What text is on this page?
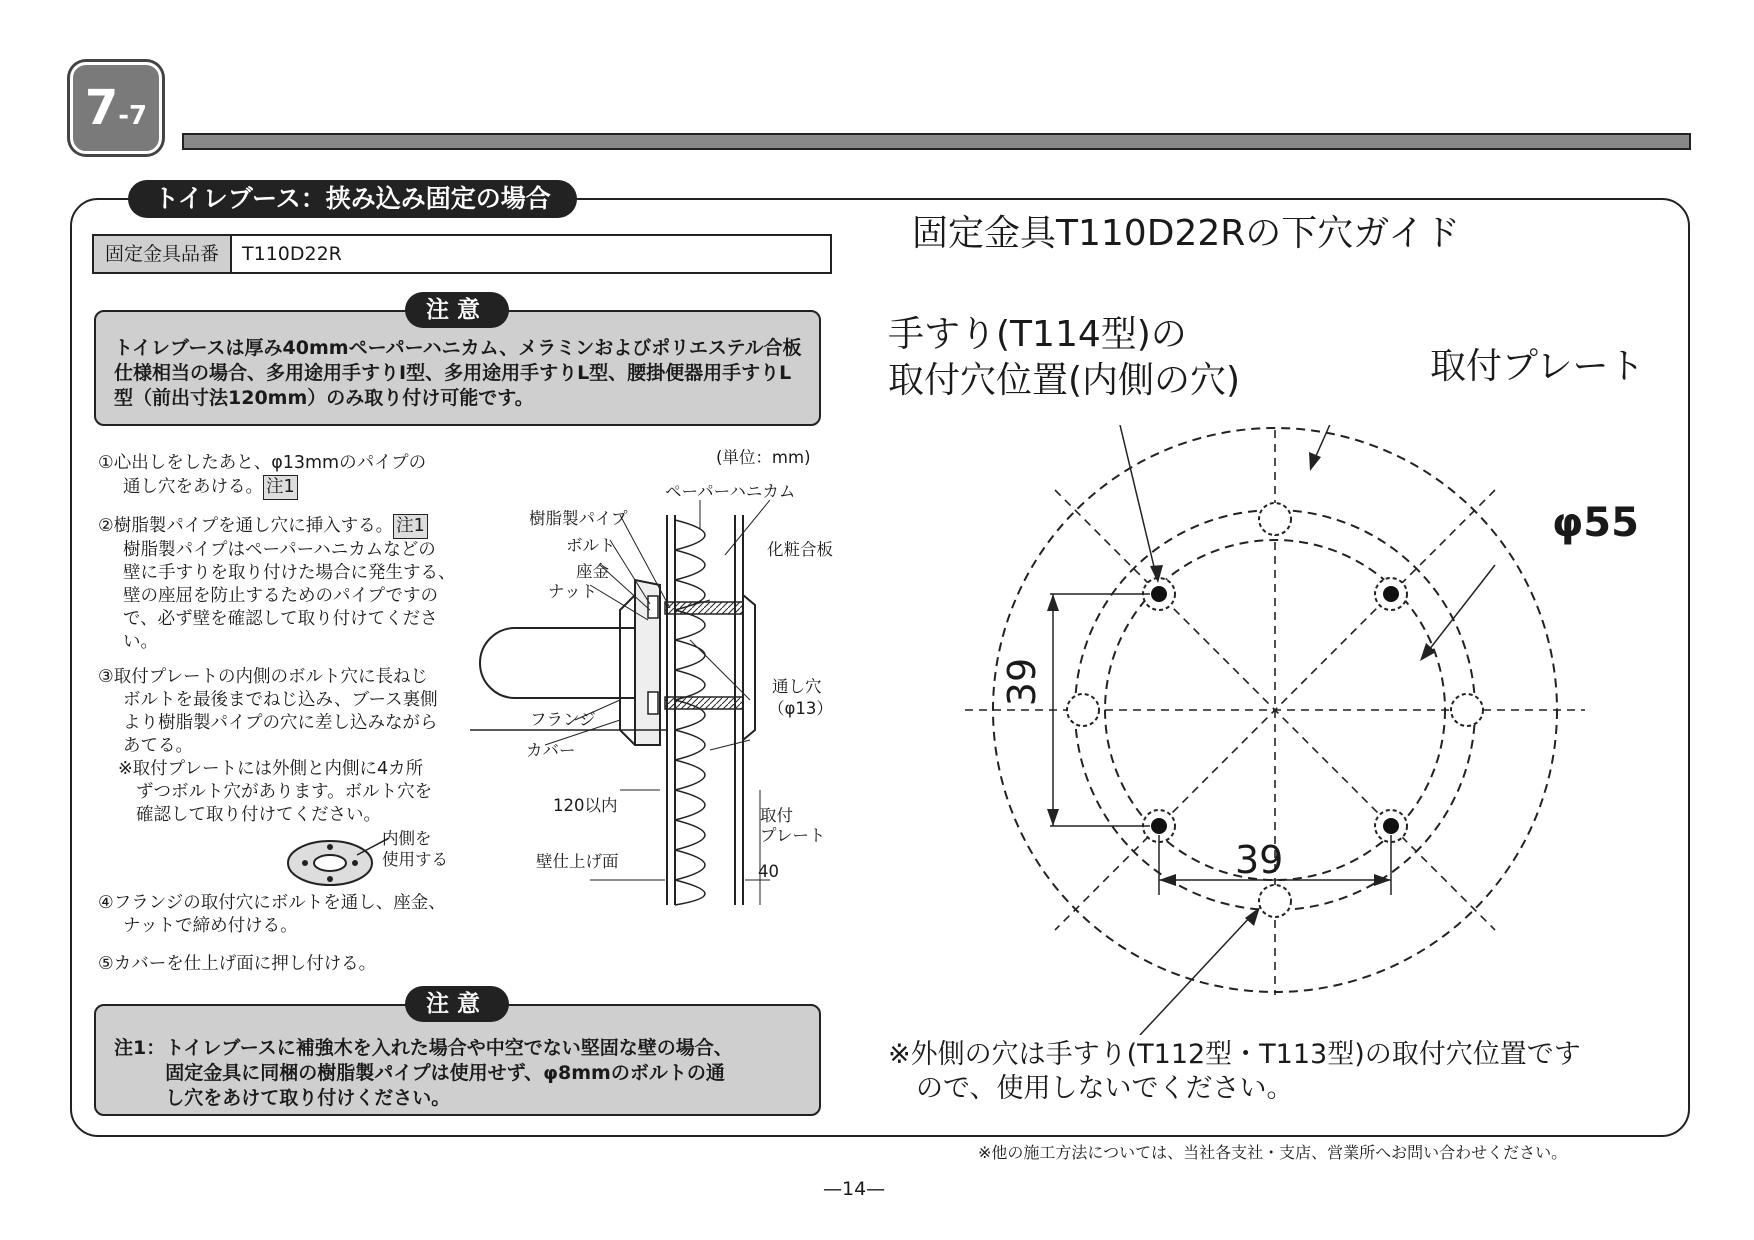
7-7
トイレブース：挟み込み固定の場合
固定金具品番	T110D22R
トイレブースは厚み40mmペーパーハニカム、メラミンおよびポリエステル合板仕様相当の場合、多用途用手すりI型、多用途用手すりL型、腰掛便器用手すりL型（前出寸法120mm）のみ取り付け可能です。
注意
①心出しをしたあと、φ13mmのパイプの
通し穴をあける。 注1
②樹脂製パイプを通し穴に挿入する。 注1
樹脂製パイプはペーパーハニカムなどの
壁に手すりを取り付けた場合に発生する、
壁の座屈を防止するためのパイプですの
で、必ず壁を確認して取り付けてくださ
い。
③取付プレートの内側のボルト穴に長ねじ
ボルトを最後までねじ込み、ブース裏側
より樹脂製パイプの穴に差し込みながら
あてる。
※取付プレートには外側と内側に4カ所
ずつボルト穴があります。ボルト穴を
確認して取り付けてください。
内側を
使用する
④フランジの取付穴にボルトを通し、座金、
ナットで締め付ける。
⑤カバーを仕上げ面に押し付ける。
(単位：mm)
ペーパーハニカム
樹脂製パイプ
化粧合板
ボルト
座金
ナット
通し穴
（φ13）
フランジ
カバー
120以内
取付
プレート
壁仕上げ面
40
注1： トイレブースに補強木を入れた場合や中空でない堅固な壁の場合、
固定金具に同梱の樹脂製パイプは使用せず、φ8mmのボルトの通
し穴をあけて取り付けください。
注意
固定金具T110D22Rの下穴ガイド
手すり(T114型)の
取付穴位置(内側の穴)	取付プレート
φ55
39
39
※外側の穴は手すり(T112型・T113型)の取付穴位置です
ので、使用しないでください。
※他の施工方法については、当社各支社・支店、営業所へお問い合わせください。
—14—
